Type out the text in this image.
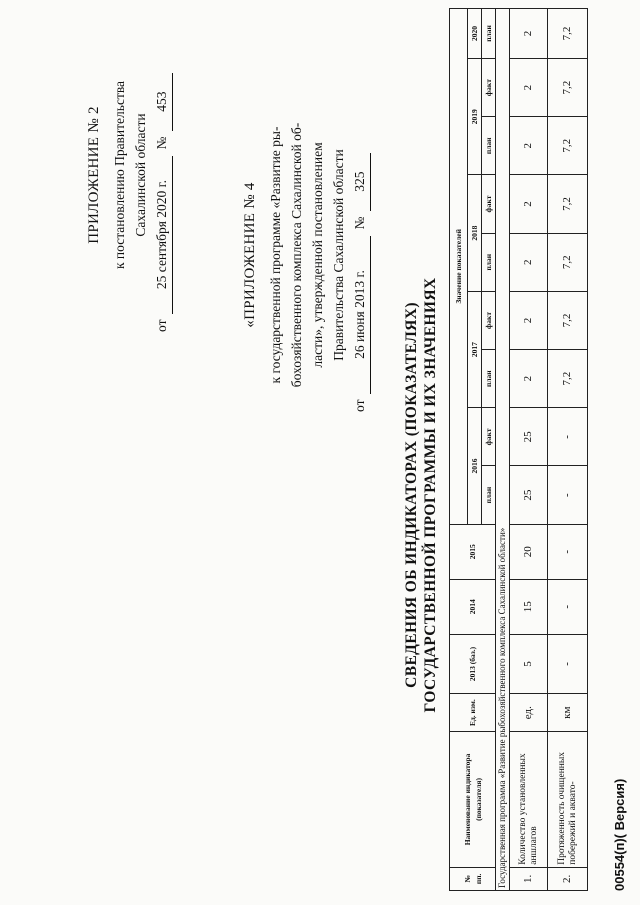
ПРИЛОЖЕНИЕ № 2 к постановлению Правительства Сахалинской области
от
25 сентября 2020 г.
№
453
«ПРИЛОЖЕНИЕ № 4 к государственной программе «Развитие ры- бохозяйственного комплекса Сахалинской об- ласти», утвержденной постановлением Правительства Сахалинской области
от
26 июня 2013 г.
№
325
СВЕДЕНИЯ ОБ ИНДИКАТОРАХ (ПОКАЗАТЕЛЯХ) ГОСУДАРСТВЕННОЙ ПРОГРАММЫ И ИХ ЗНАЧЕНИЯХ
№ пп.	Наименование индикатора (показателя)	Ед. изм.	2013 (баз.)	2014	2015	Значение показателей								
						2016		2017		2018		2019		2020
						план	факт	план	факт	план	факт	план	факт	план
Государственная программа «Развитие рыбохозяйственного комплекса Сахалинской области»														
1.	Количество установленных аншлагов	ед.	5	15	20	25	25	2	2	2	2	2	2	2
2.	Протяженность очищенных побережий и аквато-	км	-	-	-	-	-	7,2	7,2	7,2	7,2	7,2	7,2	7,2
00554(п)( Версия)
